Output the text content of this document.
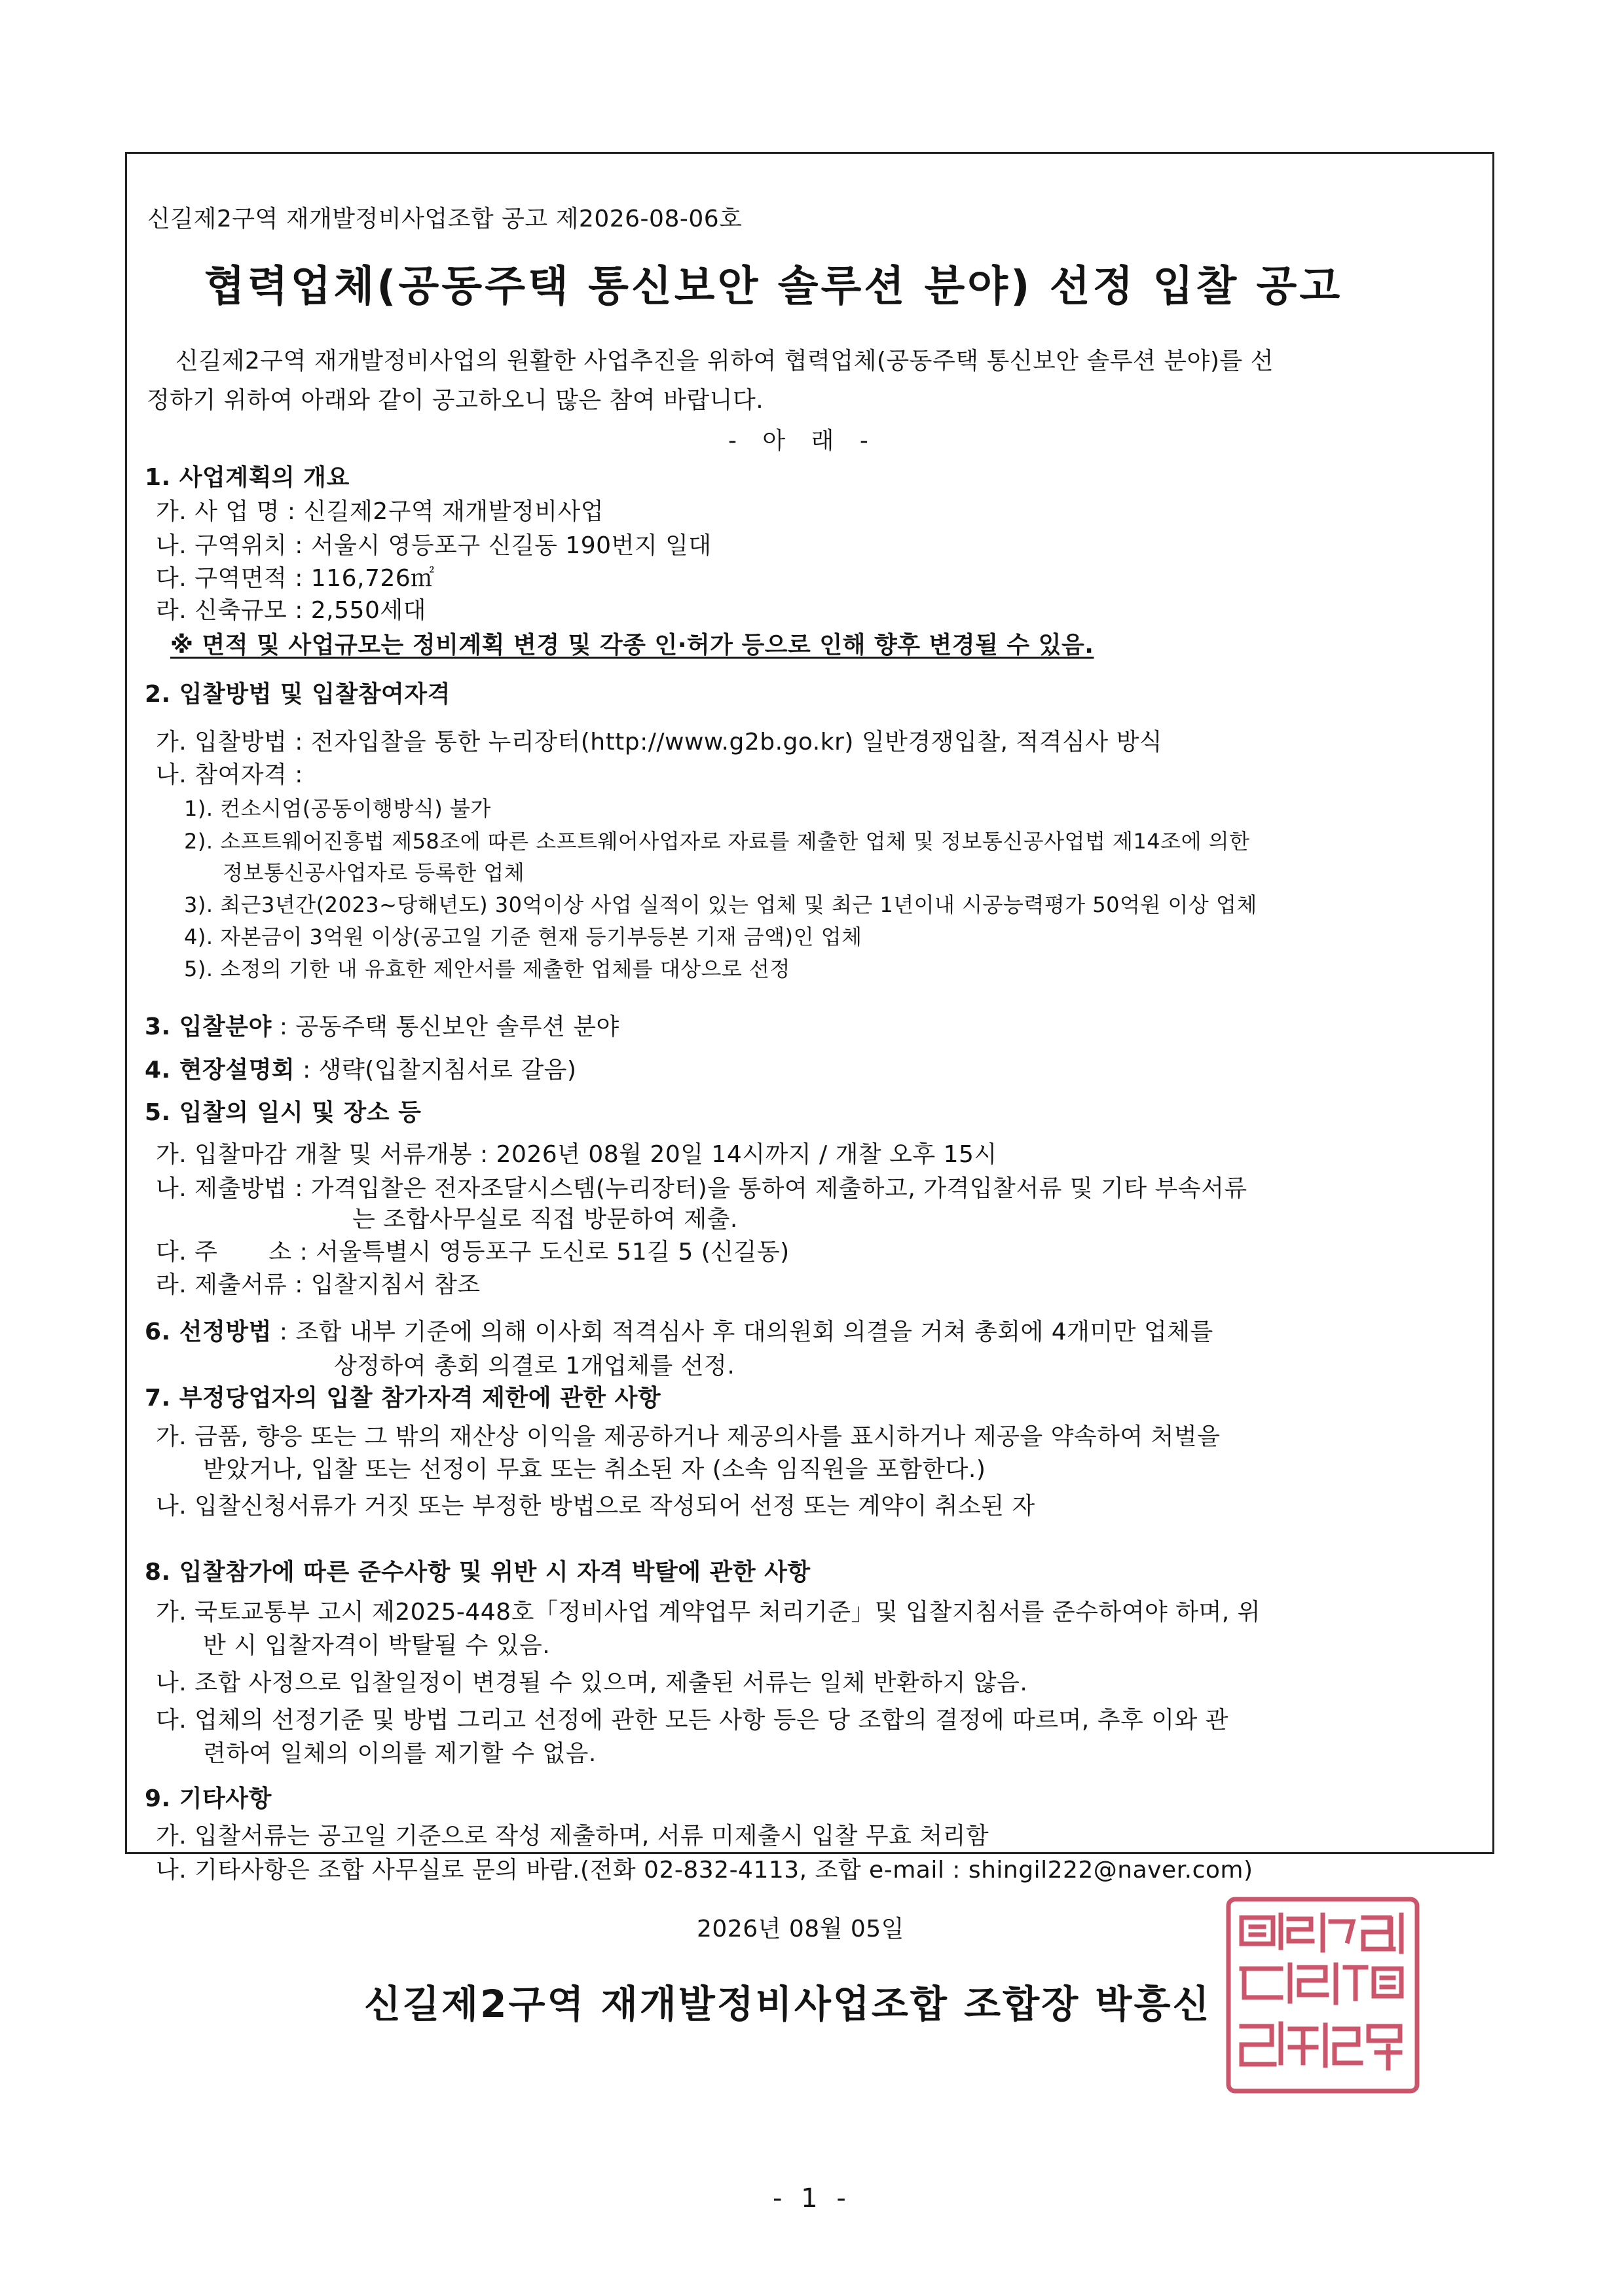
신길제2구역 재개발정비사업조합 공고 제2026-08-06호
협력업체(공동주택 통신보안 솔루션 분야) 선정 입찰 공고
신길제2구역 재개발정비사업의 원활한 사업추진을 위하여 협력업체(공동주택 통신보안 솔루션 분야)를 선
정하기 위하여 아래와 같이 공고하오니 많은 참여 바랍니다.
- 아 래 -
1. 사업계획의 개요
가. 사 업 명 : 신길제2구역 재개발정비사업
나. 구역위치 : 서울시 영등포구 신길동 190번지 일대
다. 구역면적 : 116,726㎡
라. 신축규모 : 2,550세대
※ 면적 및 사업규모는 정비계획 변경 및 각종 인·허가 등으로 인해 향후 변경될 수 있음.
2. 입찰방법 및 입찰참여자격
가. 입찰방법 : 전자입찰을 통한 누리장터(http://www.g2b.go.kr) 일반경쟁입찰, 적격심사 방식
나. 참여자격 :
1). 컨소시엄(공동이행방식) 불가
2). 소프트웨어진흥법 제58조에 따른 소프트웨어사업자로 자료를 제출한 업체 및 정보통신공사업법 제14조에 의한
정보통신공사업자로 등록한 업체
3). 최근3년간(2023~당해년도) 30억이상 사업 실적이 있는 업체 및 최근 1년이내 시공능력평가 50억원 이상 업체
4). 자본금이 3억원 이상(공고일 기준 현재 등기부등본 기재 금액)인 업체
5). 소정의 기한 내 유효한 제안서를 제출한 업체를 대상으로 선정
3. 입찰분야 : 공동주택 통신보안 솔루션 분야
4. 현장설명회 : 생략(입찰지침서로 갈음)
5. 입찰의 일시 및 장소 등
가. 입찰마감 개찰 및 서류개봉 : 2026년 08월 20일 14시까지 / 개찰 오후 15시
나. 제출방법 : 가격입찰은 전자조달시스템(누리장터)을 통하여 제출하고, 가격입찰서류 및 기타 부속서류
는 조합사무실로 직접 방문하여 제출.
다. 주 소 : 서울특별시 영등포구 도신로 51길 5 (신길동)
라. 제출서류 : 입찰지침서 참조
6. 선정방법 : 조합 내부 기준에 의해 이사회 적격심사 후 대의원회 의결을 거쳐 총회에 4개미만 업체를
상정하여 총회 의결로 1개업체를 선정.
7. 부정당업자의 입찰 참가자격 제한에 관한 사항
가. 금품, 향응 또는 그 밖의 재산상 이익을 제공하거나 제공의사를 표시하거나 제공을 약속하여 처벌을
받았거나, 입찰 또는 선정이 무효 또는 취소된 자 (소속 임직원을 포함한다.)
나. 입찰신청서류가 거짓 또는 부정한 방법으로 작성되어 선정 또는 계약이 취소된 자
8. 입찰참가에 따른 준수사항 및 위반 시 자격 박탈에 관한 사항
가. 국토교통부 고시 제2025-448호「정비사업 계약업무 처리기준」및 입찰지침서를 준수하여야 하며, 위
반 시 입찰자격이 박탈될 수 있음.
나. 조합 사정으로 입찰일정이 변경될 수 있으며, 제출된 서류는 일체 반환하지 않음.
다. 업체의 선정기준 및 방법 그리고 선정에 관한 모든 사항 등은 당 조합의 결정에 따르며, 추후 이와 관
련하여 일체의 이의를 제기할 수 없음.
9. 기타사항
가. 입찰서류는 공고일 기준으로 작성 제출하며, 서류 미제출시 입찰 무효 처리함
나. 기타사항은 조합 사무실로 문의 바람.(전화 02-832-4113, 조합 e-mail : shingil222@naver.com)
2026년 08월 05일
신길제2구역 재개발정비사업조합 조합장 박흥신
- 1 -
